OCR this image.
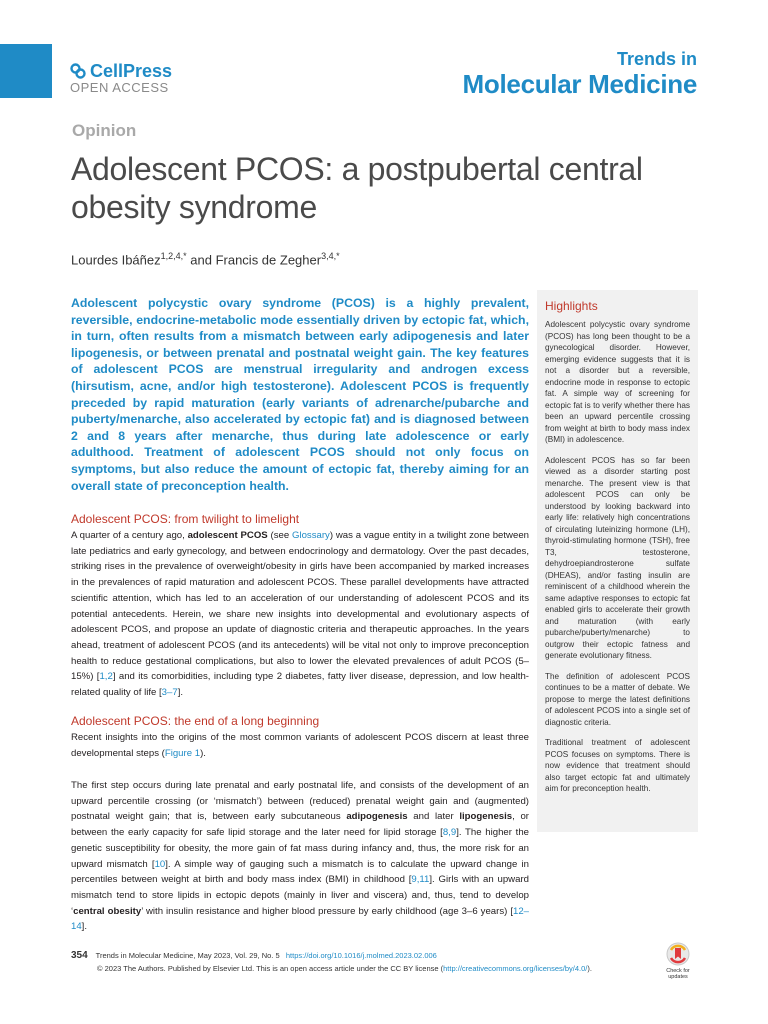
CellPress
OPEN ACCESS
Trends in
Molecular Medicine
Opinion
Adolescent PCOS: a postpubertal central obesity syndrome
Lourdes Ibáñez$^{1,2,4,*}$ and Francis de Zegher$^{3,4,*}$
Adolescent polycystic ovary syndrome (PCOS) is a highly prevalent, reversible, endocrine-metabolic mode essentially driven by ectopic fat, which, in turn, often results from a mismatch between early adipogenesis and later lipogenesis, or between prenatal and postnatal weight gain. The key features of adolescent PCOS are menstrual irregularity and androgen excess (hirsutism, acne, and/or high testosterone). Adolescent PCOS is frequently preceded by rapid maturation (early variants of adrenarche/pubarche and puberty/menarche, also accelerated by ectopic fat) and is diagnosed between 2 and 8 years after menarche, thus during late adolescence or early adulthood. Treatment of adolescent PCOS should not only focus on symptoms, but also reduce the amount of ectopic fat, thereby aiming for an overall state of preconception health.
Highlights

Adolescent polycystic ovary syndrome (PCOS) has long been thought to be a gynecological disorder. However, emerging evidence suggests that it is not a disorder but a reversible, endocrine mode in response to ectopic fat. A simple way of screening for ectopic fat is to verify whether there has been an upward percentile crossing from weight at birth to body mass index (BMI) in adolescence.

Adolescent PCOS has so far been viewed as a disorder starting post menarche. The present view is that adolescent PCOS can only be understood by looking backward into early life: relatively high concentrations of circulating luteinizing hormone (LH), thyroid-stimulating hormone (TSH), free T3, testosterone, dehydroepiandrosterone sulfate (DHEAS), and/or fasting insulin are reminiscent of a childhood wherein the same adaptive responses to ectopic fat enabled girls to accelerate their growth and maturation (with early pubarche/puberty/menarche) to outgrow their ectopic fatness and generate evolutionary fitness.

The definition of adolescent PCOS continues to be a matter of debate. We propose to merge the latest definitions of adolescent PCOS into a single set of diagnostic criteria.

Traditional treatment of adolescent PCOS focuses on symptoms. There is now evidence that treatment should also target ectopic fat and ultimately aim for preconception health.

Adolescent PCOS: from twilight to limelight
A quarter of a century ago, adolescent PCOS (see Glossary) was a vague entity in a twilight zone between late pediatrics and early gynecology, and between endocrinology and dermatology. Over the past decades, striking rises in the prevalence of overweight/obesity in girls have been accompanied by marked increases in the prevalences of rapid maturation and adolescent PCOS. These parallel developments have attracted scientific attention, which has led to an acceleration of our understanding of adolescent PCOS and its potential antecedents. Herein, we share new insights into developmental and evolutionary aspects of adolescent PCOS, and propose an update of diagnostic criteria and therapeutic approaches. In the years ahead, treatment of adolescent PCOS (and its antecedents) will be vital not only to improve preconception health to reduce gestational complications, but also to lower the elevated prevalences of adult PCOS (5–15%) [1,2] and its comorbidities, including type 2 diabetes, fatty liver disease, depression, and low health-related quality of life [3–7].
Adolescent PCOS: the end of a long beginning
Recent insights into the origins of the most common variants of adolescent PCOS discern at least three developmental steps (Figure 1).
The first step occurs during late prenatal and early postnatal life, and consists of the development of an upward percentile crossing (or ‘mismatch’) between (reduced) prenatal weight gain and (augmented) postnatal weight gain; that is, between early subcutaneous adipogenesis and later lipogenesis, or between the early capacity for safe lipid storage and the later need for lipid storage [8,9]. The higher the genetic susceptibility for obesity, the more gain of fat mass during infancy and, thus, the more risk for an upward mismatch [10]. A simple way of gauging such a mismatch is to calculate the upward change in percentiles between weight at birth and body mass index (BMI) in childhood [9,11]. Girls with an upward mismatch tend to store lipids in ectopic depots (mainly in liver and viscera) and, thus, tend to develop ‘central obesity’ with insulin resistance and higher blood pressure by early childhood (age 3–6 years) [12–14].
354 Trends in Molecular Medicine, May 2023, Vol. 29, No. 5 https://doi.org/10.1016/j.molmed.2023.02.006
© 2023 The Authors. Published by Elsevier Ltd. This is an open access article under the CC BY license (http://creativecommons.org/licenses/by/4.0/).	Check for updates
